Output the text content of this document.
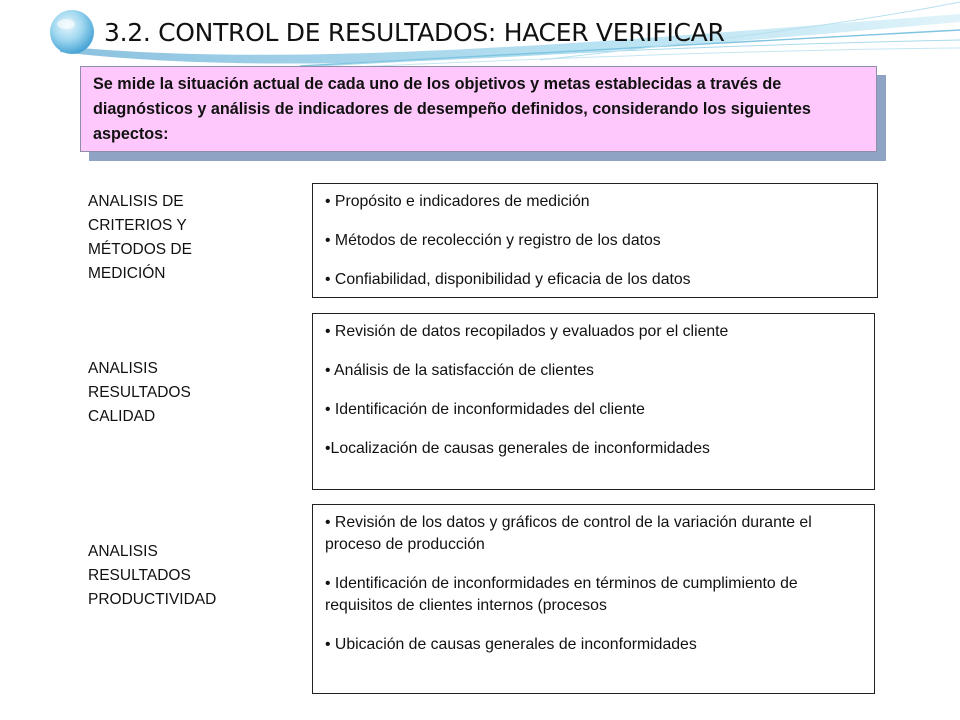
3.2. CONTROL DE RESULTADOS: HACER VERIFICAR
Se mide la situación actual de cada uno de los objetivos y metas establecidas a través de diagnósticos y análisis de indicadores de desempeño definidos, considerando los siguientes aspectos:

ANALISIS DE
CRITERIOS Y
MÉTODOS DE
MEDICIÓN

• Propósito e indicadores de medición
• Métodos de recolección y registro de los datos
• Confiabilidad, disponibilidad y eficacia de los datos

ANALISIS
RESULTADOS
CALIDAD

• Revisión de datos recopilados y evaluados por el cliente
• Análisis de la satisfacción de clientes
• Identificación de inconformidades del cliente
•Localización de causas generales de inconformidades

ANALISIS
RESULTADOS
PRODUCTIVIDAD

• Revisión de los datos y gráficos de control de la variación durante el proceso de producción
• Identificación de inconformidades en términos de cumplimiento de requisitos de clientes internos (procesos
• Ubicación de causas generales de inconformidades
